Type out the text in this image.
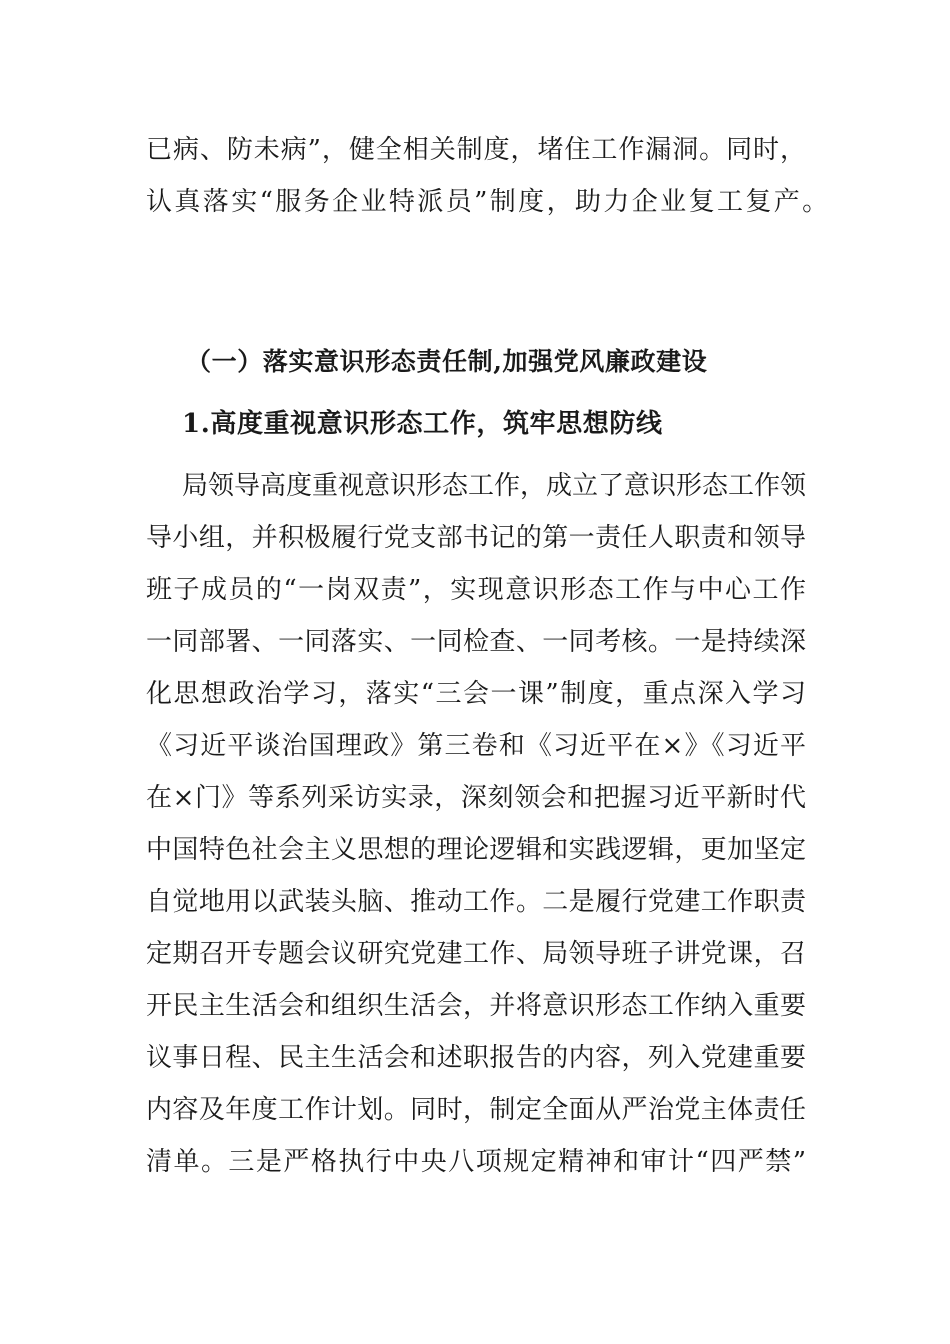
已病、防未病”，健全相关制度，堵住工作漏洞。同时，
认真落实“服务企业特派员”制度，助力企业复工复产。
（一）落实意识形态责任制,加强党风廉政建设
1.高度重视意识形态工作，筑牢思想防线
局领导高度重视意识形态工作，成立了意识形态工作领
导小组，并积极履行党支部书记的第一责任人职责和领导
班子成员的“一岗双责”，实现意识形态工作与中心工作
一同部署、一同落实、一同检查、一同考核。一是持续深
化思想政治学习，落实“三会一课”制度，重点深入学习
《习近平谈治国理政》第三卷和《习近平在×》《习近平
在×门》等系列采访实录，深刻领会和把握习近平新时代
中国特色社会主义思想的理论逻辑和实践逻辑，更加坚定
自觉地用以武装头脑、推动工作。二是履行党建工作职责
定期召开专题会议研究党建工作、局领导班子讲党课，召
开民主生活会和组织生活会，并将意识形态工作纳入重要
议事日程、民主生活会和述职报告的内容，列入党建重要
内容及年度工作计划。同时，制定全面从严治党主体责任
清单。三是严格执行中央八项规定精神和审计“四严禁”
